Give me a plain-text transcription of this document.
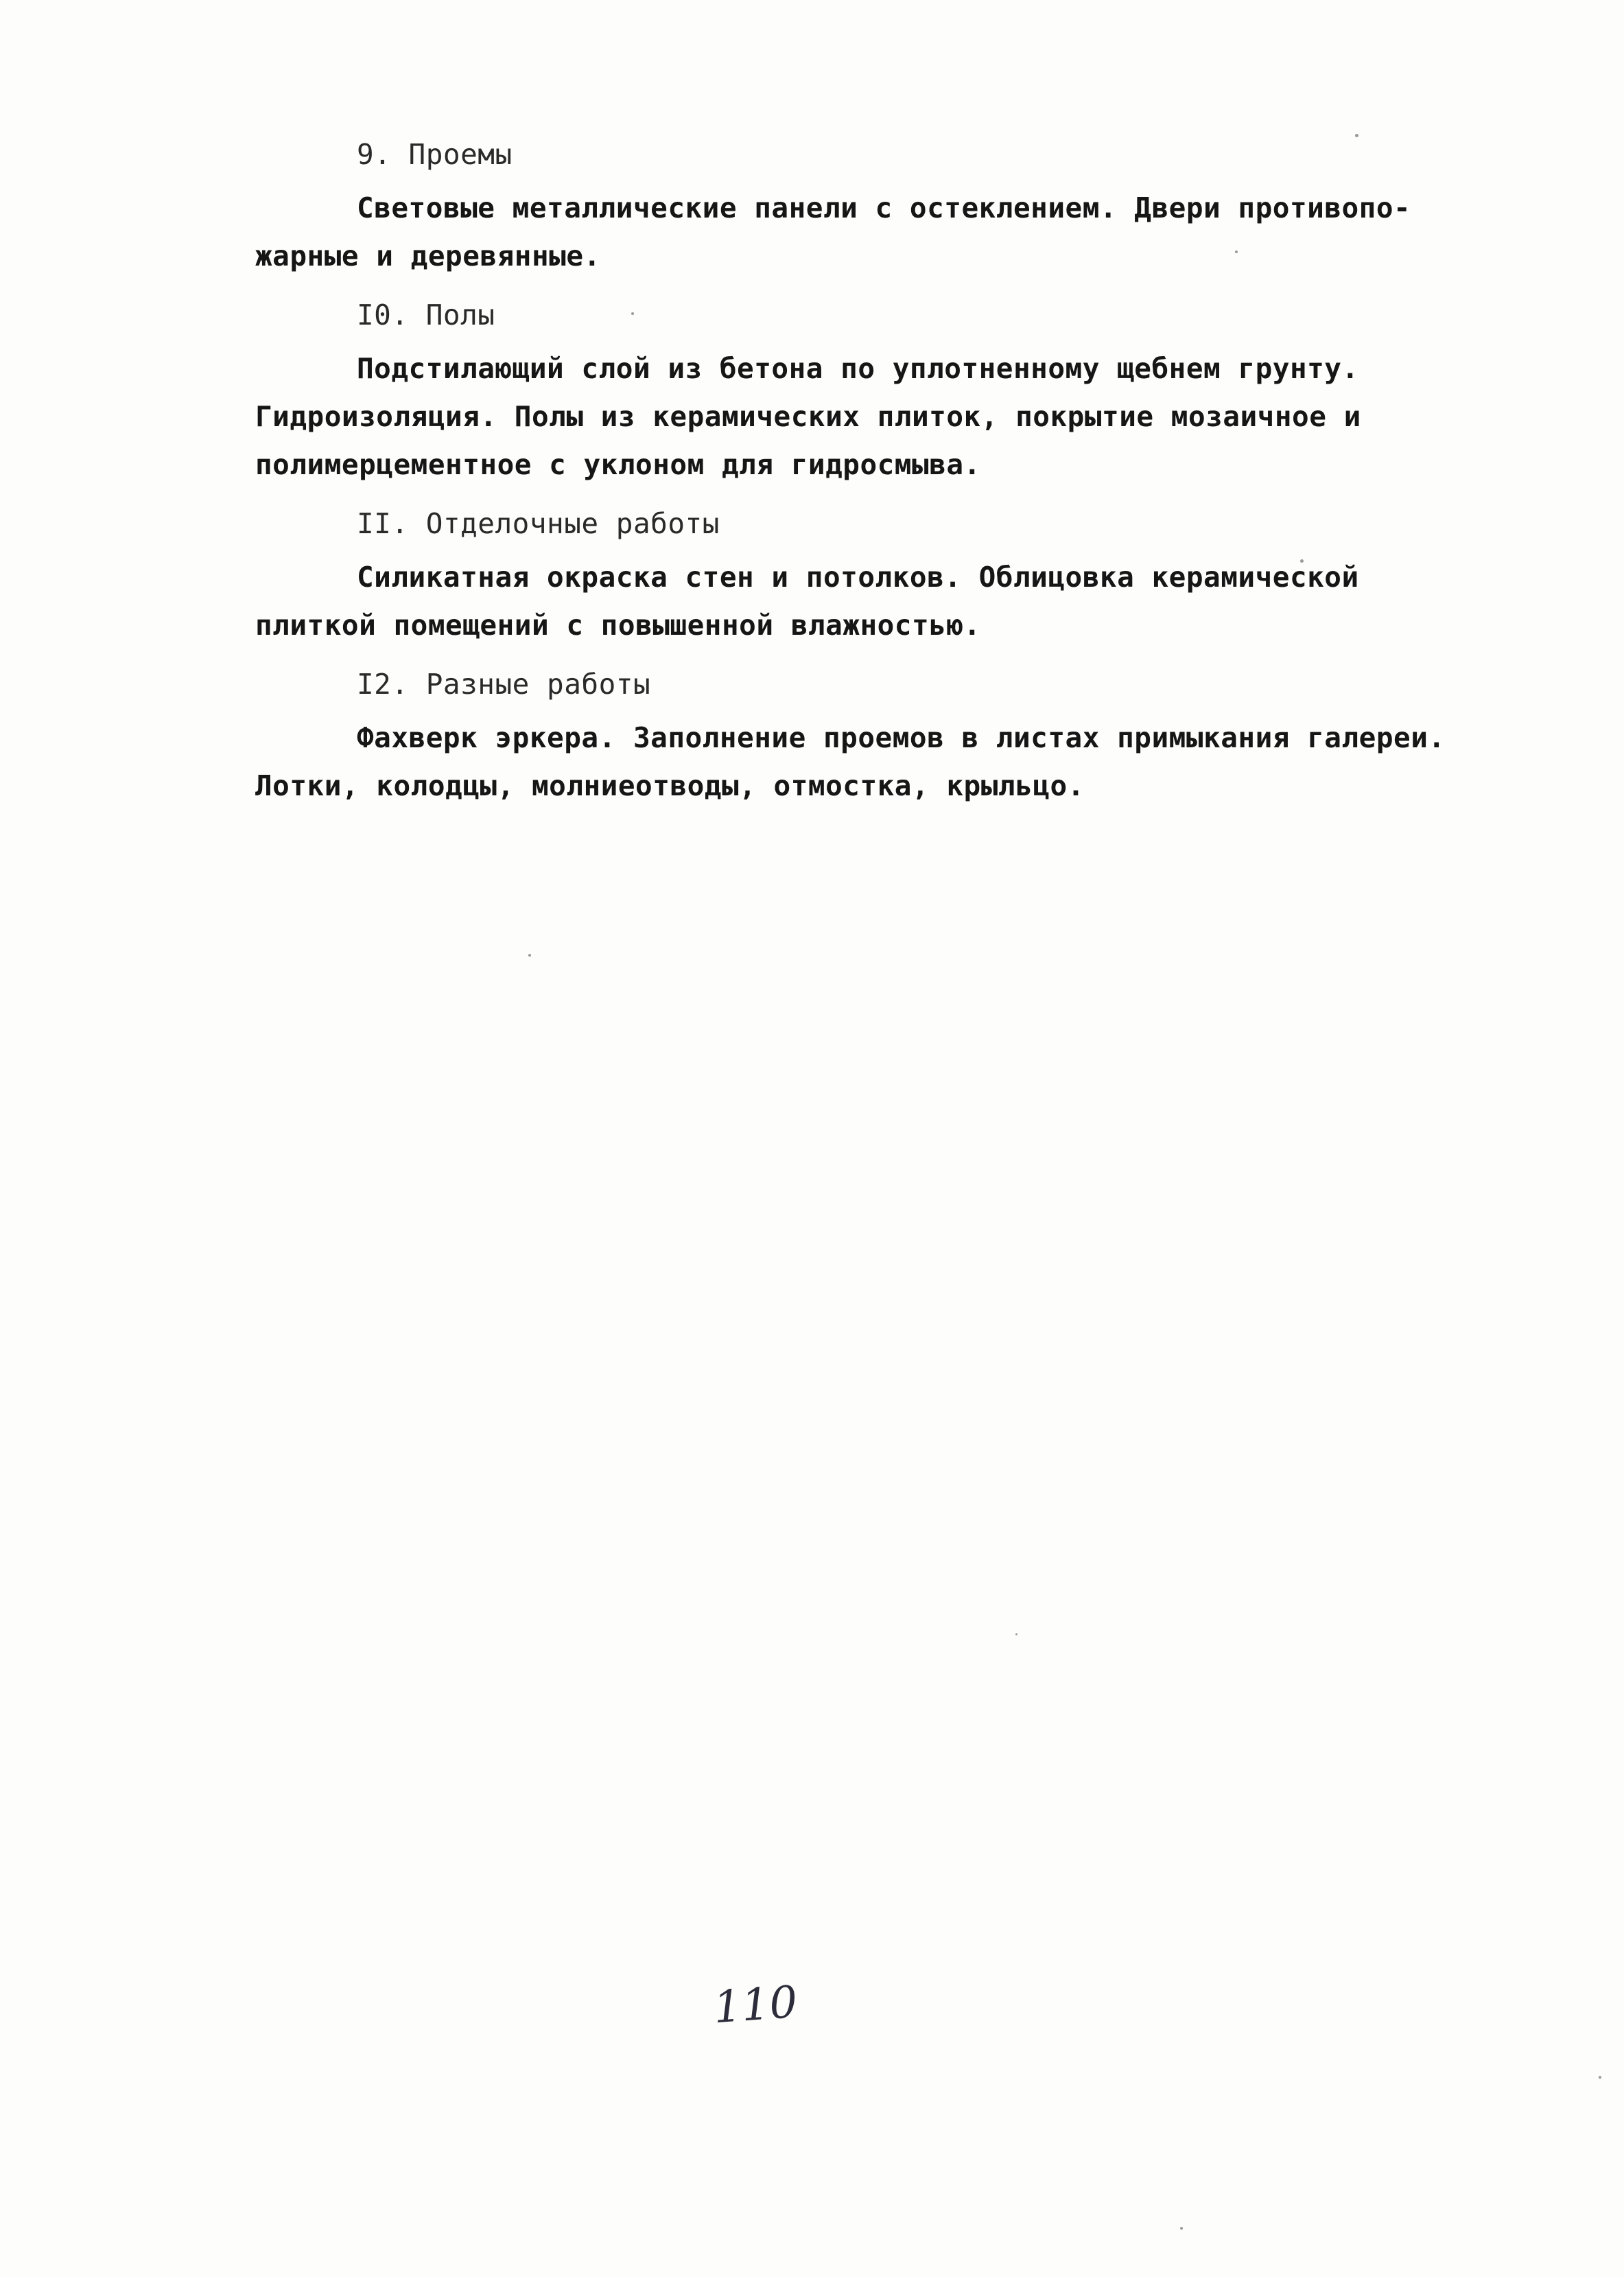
9. Проемы

Световые металлические панели с остеклением. Двери противопо-

жарные и деревянные.

I0. Полы

Подстилающий слой из бетона по уплотненному щебнем грунту.

Гидроизоляция. Полы из керамических плиток, покрытие мозаичное и

полимерцементное с уклоном для гидросмыва.

II. Отделочные работы

Силикатная окраска стен и потолков. Облицовка керамической

плиткой помещений с повышенной влажностью.

I2. Разные работы

Фахверк эркера. Заполнение проемов в листах примыкания галереи.

Лотки, колодцы, молниеотводы, отмостка, крыльцо.

110
